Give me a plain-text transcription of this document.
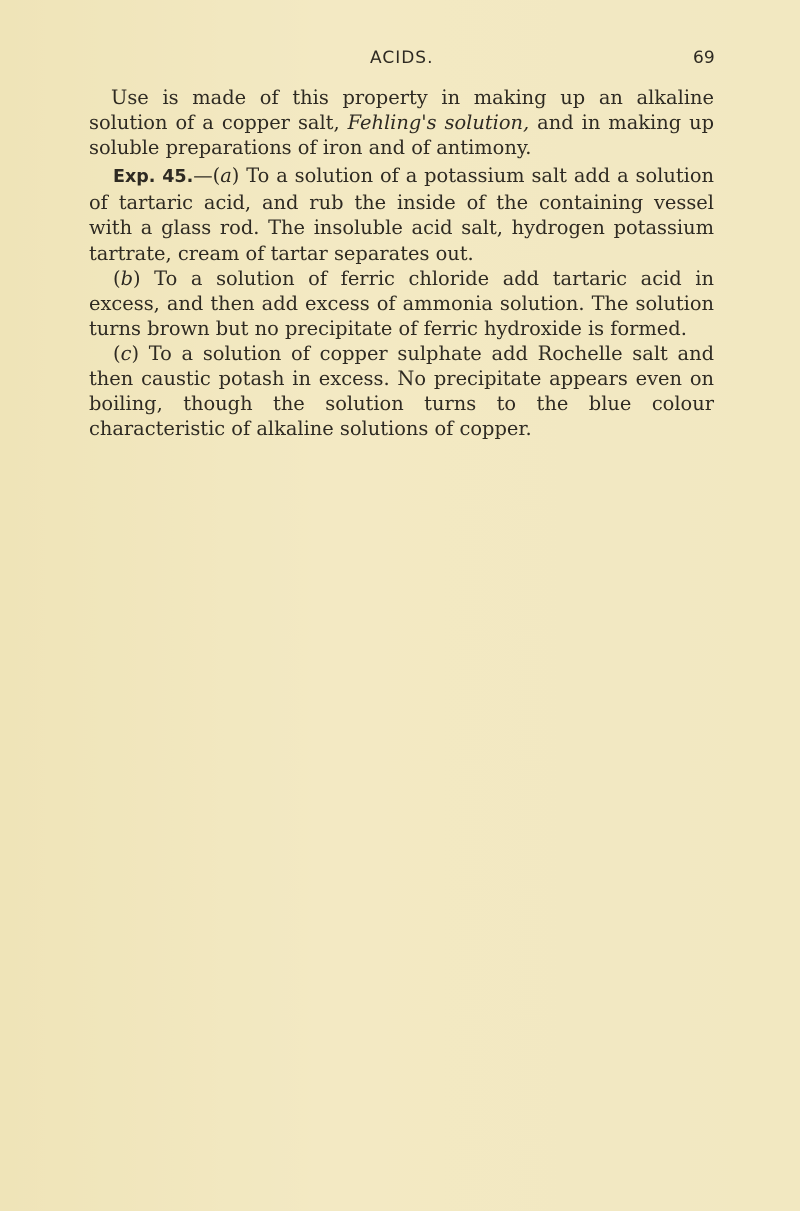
ACIDS.	69

Use is made of this property in making up an alkaline solution of a copper salt, Fehling's solution, and in making up soluble preparations of iron and of antimony.

Exp. 45.—(a) To a solution of a potassium salt add a solution of tartaric acid, and rub the inside of the containing vessel with a glass rod. The insoluble acid salt, hydrogen potassium tartrate, cream of tartar separates out.

(b) To a solution of ferric chloride add tartaric acid in excess, and then add excess of ammonia solution. The solution turns brown but no precipitate of ferric hydroxide is formed.

(c) To a solution of copper sulphate add Rochelle salt and then caustic potash in excess. No precipitate appears even on boiling, though the solution turns to the blue colour characteristic of alkaline solutions of copper.
